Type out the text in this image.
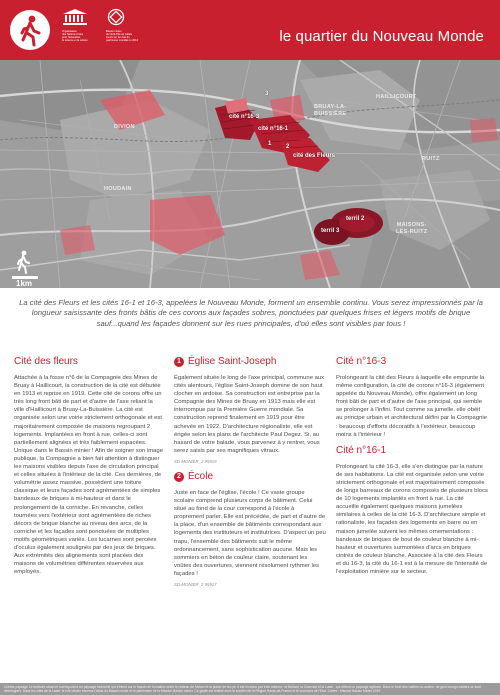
Organisation
des Nations Unies
pour l'éducation,
la science et la culture
Bassin minier
du Nord-Pas de Calais
inscrit sur la Liste du
patrimoine mondial en 2012	le quartier du Nouveau Monde
BRUAY-LA-
BUISSIÈRE
HAILLICOURT
DIVION
HOUDAIN
RUITZ
MAISONS-
LES-RUITZ
3
cité n°16-3
cité n°16-1
1 2
cité des Fleurs
terril 2
terril 3
1km
La cité des Fleurs et les cités 16-1 et 16-3, appelées le Nouveau Monde, forment un ensemble continu. Vous serez impressionnés par la longueur saisissante des fronts bâtis de ces corons aux façades sobres, ponctuées par quelques frises et légers motifs de brique sauf...quand les façades donnent sur les rues principales, d'où elles sont visibles par tous !
Cité des fleurs
Attachée à la fosse n°6 de la Compagnie des Mines de Bruay à Haillicourt, la construction de la cité est débutée en 1913 et reprise en 1919. Cette cité de corons offre un très long front bâti de part et d'autre de l'axe reliant la ville d'Haillicourt à Bruay-La-Buissière. La cité est organisée selon une voirie strictement orthogonale et est majoritairement composée de maisons regroupant 2 logements. Implantées en front à rue, celles-ci sont partiellement alignées et très faiblement espacées. Unique dans le Bassin minier ! Afin de soigner son image publique, la Compagnie a bien fait attention à distinguer les maisons visibles depuis l'axe de circulation principal et celles situées à l'intérieur de la cité. Ces dernières, de volumétrie assez massive, possèdent une toiture classique et leurs façades sont agrémentées de simples bandeaux de briques à mi-hauteur et dans le prolongement de la corniche. En revanche, celles tournées vers l'extérieur sont agrémentées de riches décors de brique blanche au niveau des arcs, de la corniche et les façades sont ponctuées de multiples motifs géométriques variés. Les lucarnes sont percées d'oculus également soulignés par des jeux de briques. Aux extrémités des alignements sont placées des maisons de volumétries différentes réservées aux employés.
1 Église Saint-Joseph
Également située le long de l'axe principal, commune aux cités alentours, l'église Saint-Joseph domine de son haut clocher en ardoise. Sa construction est entreprise par la Compagnie des Mines de Bruay en 1913 mais elle est interrompue par la Première Guerre mondiale. Sa construction reprend finalement en 1919 pour être achevée en 1922. D'architecture régionaliste, elle est érigée selon les plans de l'architecte Paul Degez. Si, au hasard de votre balade, vous parvenez à y rentrer, vous serez saisis par ses magnifiques vitraux.
SD-MONIER_2 95919
2 École
Juste en face de l'église, l'école ! Ce vaste groupe scolaire comprend plusieurs corps de bâtiment. Celui situé au fond de la cour correspond à l'école à proprement parler. Elle est précédée, de part et d'autre de la place, d'un ensemble de bâtiments correspondant aux logements des instituteurs et institutrices. D'aspect un peu trapu, l'ensemble des bâtiments suit le même ordonnancement, sans sophistication aucune. Mais les sommiers en béton de couleur claire, soutenant les voûtes des ouvertures, viennent résolument rythmer les façades !
SD-MONIER_2 95917
Cité n°16-3
Prolongeant la cité des Fleurs à laquelle elle emprunte la même configuration, la cité de corons n°16-3 (également appelée du Nouveau Monde), offre également un long front bâti de part et d'autre de l'axe principal, qui semble se prolonger à l'infini. Tout comme sa jumelle, elle obéit au principe urbain et architectural défini par la Compagnie : beaucoup d'efforts décoratifs à l'extérieur, beaucoup moins à l'intérieur !
Cité n°16-1
Prolongeant la cité 16-3, elle s'en distingue par la nature de ses habitations. La cité est organisée selon une voirie strictement orthogonale et est majoritairement composée de longs barreaux de corons composés de plusieurs blocs de 10 logements implantés en front à rue. La cité accueille également quelques maisons jumelées similaires à celles de la cité 16-3. D'architecture simple et rationaliste, les façades des logements en barre ou en maison jumelée suivent les mêmes ornementations : bandeaux de briques de bout de couleur blanche à mi-hauteur et ouvertures surmontées d'arcs en briques cintrés de couleur blanche. Associée à la cité des Fleurs et du 16-3, la cité du 16-1 est à la mesure de l'intensité de l'exploitation minière sur le secteur.
Crédits paysage Le territoire observé correspond à un paysage industriel qui s'étend sur le bassin de formation entre le plateau de l'Artois et la plaine de la Lys. Il est reconnu par trois auteurs : le Brûlant, la Clarence et la Lawe - qui offrent un paysage agricole. Dans le fond des vallées ou ancien, de gros bourgs miniers se sont développés. Dans les cités de la Lawe, le lotir urbain traverse l'Atlas du Bassin minier et le patrimoine de la Mission Bassin minier. Ce guide est réalisé avec le soutien de la Région Hauts-de-France et le concours de l'État. Cartes : Mission Bassin Minier 2019.
